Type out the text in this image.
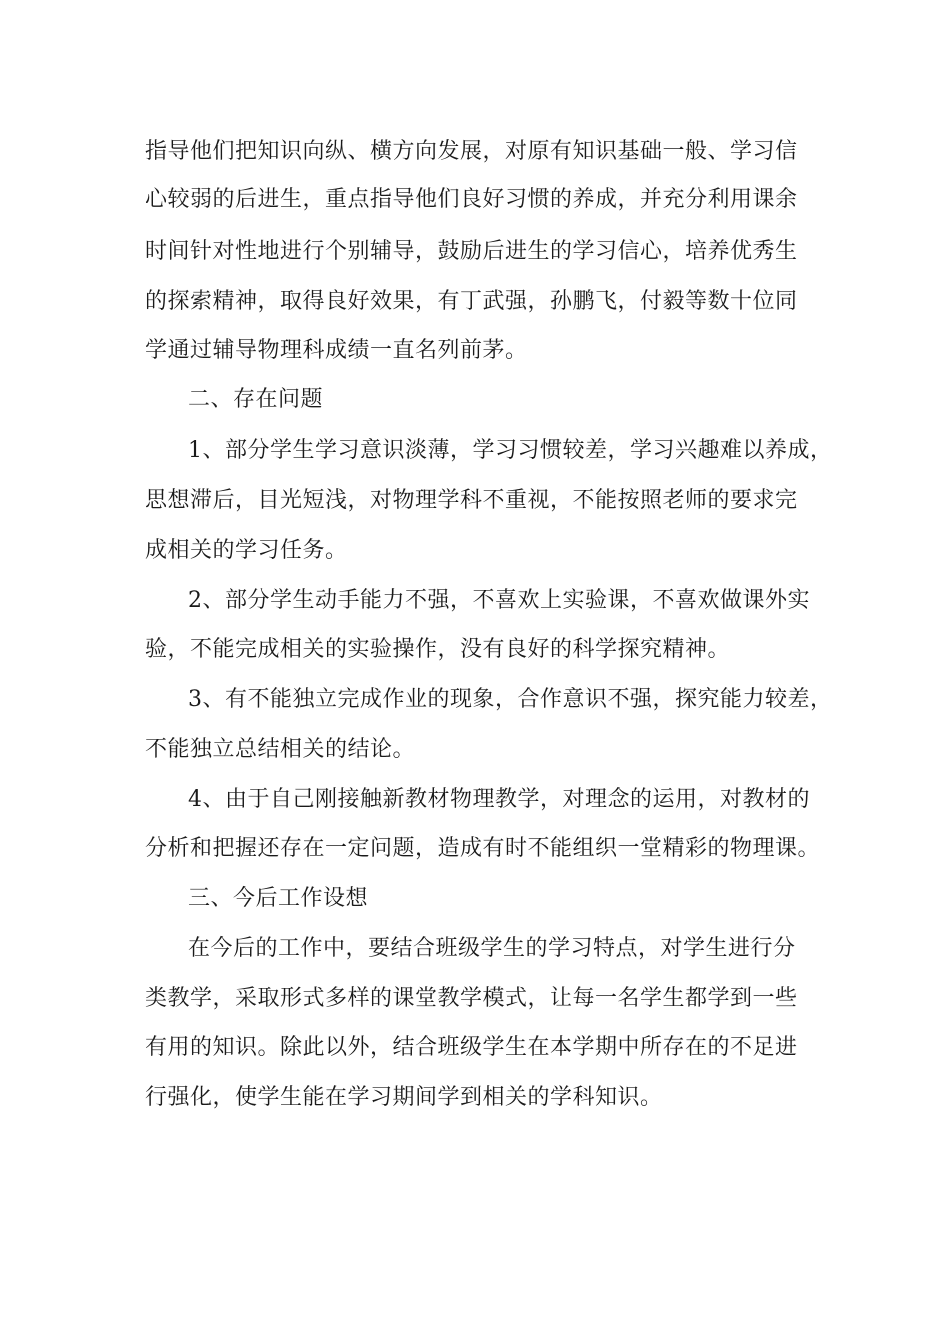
指导他们把知识向纵、横方向发展，对原有知识基础一般、学习信
心较弱的后进生，重点指导他们良好习惯的养成，并充分利用课余
时间针对性地进行个别辅导，鼓励后进生的学习信心，培养优秀生
的探索精神，取得良好效果，有丁武强，孙鹏飞，付毅等数十位同
学通过辅导物理科成绩一直名列前茅。
二、存在问题
1、部分学生学习意识淡薄，学习习惯较差，学习兴趣难以养成，
思想滞后，目光短浅，对物理学科不重视，不能按照老师的要求完
成相关的学习任务。
2、部分学生动手能力不强，不喜欢上实验课，不喜欢做课外实
验，不能完成相关的实验操作，没有良好的科学探究精神。
3、有不能独立完成作业的现象，合作意识不强，探究能力较差，
不能独立总结相关的结论。
4、由于自己刚接触新教材物理教学，对理念的运用，对教材的
分析和把握还存在一定问题，造成有时不能组织一堂精彩的物理课。
三、今后工作设想
在今后的工作中，要结合班级学生的学习特点，对学生进行分
类教学，采取形式多样的课堂教学模式，让每一名学生都学到一些
有用的知识。除此以外，结合班级学生在本学期中所存在的不足进
行强化，使学生能在学习期间学到相关的学科知识。
